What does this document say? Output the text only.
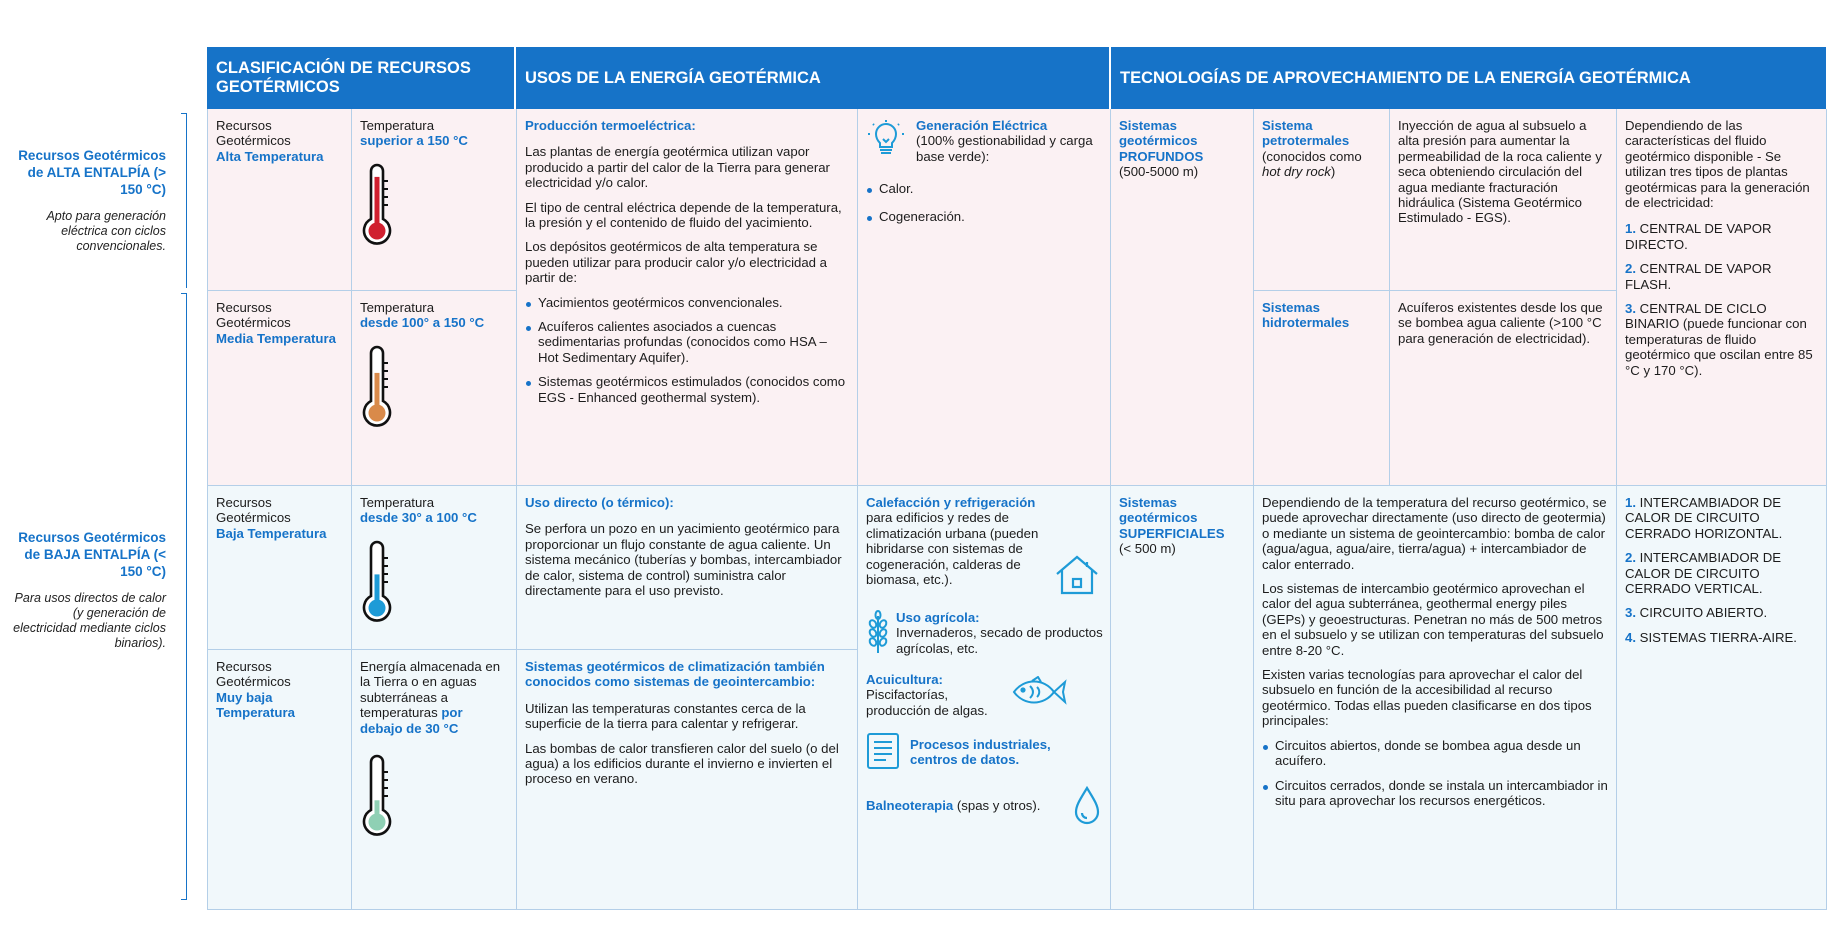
Recursos Geotérmicos de ALTA ENTALPÍA (> 150 °C)
Apto para generación eléctrica con ciclos convencionales.
Recursos Geotérmicos de BAJA ENTALPÍA (< 150 °C)
Para usos directos de calor (y generación de electricidad mediante ciclos binarios).
CLASIFICACIÓN DE RECURSOS GEOTÉRMICOS
USOS DE LA ENERGÍA GEOTÉRMICA	TECNOLOGÍAS DE APROVECHAMIENTO DE LA ENERGÍA GEOTÉRMICA
Recursos Geotérmicos
Alta Temperatura
Recursos Geotérmicos
Media Temperatura
Recursos Geotérmicos
Baja Temperatura
Recursos Geotérmicos
Muy baja Temperatura
Temperatura
superior a 150 °C
Temperatura
desde 100° a 150 °C
Temperatura
desde 30° a 100 °C
Energía almacenada en la Tierra o en aguas subterráneas a temperaturas por debajo de 30 °C

Producción termoeléctrica:

Las plantas de energía geotérmica utilizan vapor producido a partir del calor de la Tierra para generar electricidad y/o calor.

El tipo de central eléctrica depende de la temperatura, la presión y el contenido de fluido del yacimiento.

Los depósitos geotérmicos de alta temperatura se pueden utilizar para producir calor y/o electricidad a partir de:

Yacimientos geotérmicos convencionales.
Acuíferos calientes asociados a cuencas sedimentarias profundas (conocidos como HSA – Hot Sedimentary Aquifer).
Sistemas geotérmicos estimulados (conocidos como EGS - Enhanced geothermal system).

Uso directo (o térmico):

Se perfora un pozo en un yacimiento geotérmico para proporcionar un flujo constante de agua caliente. Un sistema mecánico (tuberías y bombas, intercambiador de calor, sistema de control) suministra calor directamente para el uso previsto.

Sistemas geotérmicos de climatización también conocidos como sistemas de geointercambio:

Utilizan las temperaturas constantes cerca de la superficie de la tierra para calentar y refrigerar.

Las bombas de calor transfieren calor del suelo (o del agua) a los edificios durante el invierno e invierten el proceso en verano.

Generación Eléctrica
(100% gestionabilidad y carga base verde):
Calor.
Cogeneración.
Calefacción y refrigeración
para edificios y redes de climatización urbana (pueden hibridarse con sistemas de cogeneración, calderas de biomasa, etc.).
Uso agrícola:
Invernaderos, secado de productos agrícolas, etc.
Acuicultura:
Piscifactorías, producción de algas.
Procesos industriales, centros de datos.
Balneoterapia (spas y otros).
Sistemas geotérmicos
PROFUNDOS
(500-5000 m)
Sistemas geotérmicos
SUPERFICIALES
(< 500 m)
Sistema petrotermales
(conocidos como hot dry rock)
Sistemas hidrotermales
Inyección de agua al subsuelo a alta presión para aumentar la permeabilidad de la roca caliente y seca obteniendo circulación del agua mediante fracturación hidráulica (Sistema Geotérmico Estimulado - EGS).
Acuíferos existentes desde los que se bombea agua caliente (>100 °C para generación de electricidad).

Dependiendo de la temperatura del recurso geotérmico, se puede aprovechar directamente (uso directo de geotermia) o mediante un sistema de geointercambio: bomba de calor (agua/agua, agua/aire, tierra/agua) + intercambiador de calor enterrado.

Los sistemas de intercambio geotérmico aprovechan el calor del agua subterránea, geothermal energy piles (GEPs) y geoestructuras. Penetran no más de 500 metros en el subsuelo y se utilizan con temperaturas del subsuelo entre 8-20 °C.

Existen varias tecnologías para aprovechar el calor del subsuelo en función de la accesibilidad al recurso geotérmico. Todas ellas pueden clasificarse en dos tipos principales:

Circuitos abiertos, donde se bombea agua desde un acuífero.
Circuitos cerrados, donde se instala un intercambiador in situ para aprovechar los recursos energéticos.

Dependiendo de las características del fluido geotérmico disponible - Se utilizan tres tipos de plantas geotérmicas para la generación de electricidad:

1. CENTRAL DE VAPOR DIRECTO.

2. CENTRAL DE VAPOR FLASH.

3. CENTRAL DE CICLO BINARIO (puede funcionar con temperaturas de fluido geotérmico que oscilan entre 85 °C y 170 °C).

1. INTERCAMBIADOR DE CALOR DE CIRCUITO CERRADO HORIZONTAL.

2. INTERCAMBIADOR DE CALOR DE CIRCUITO CERRADO VERTICAL.

3. CIRCUITO ABIERTO.

4. SISTEMAS TIERRA-AIRE.
